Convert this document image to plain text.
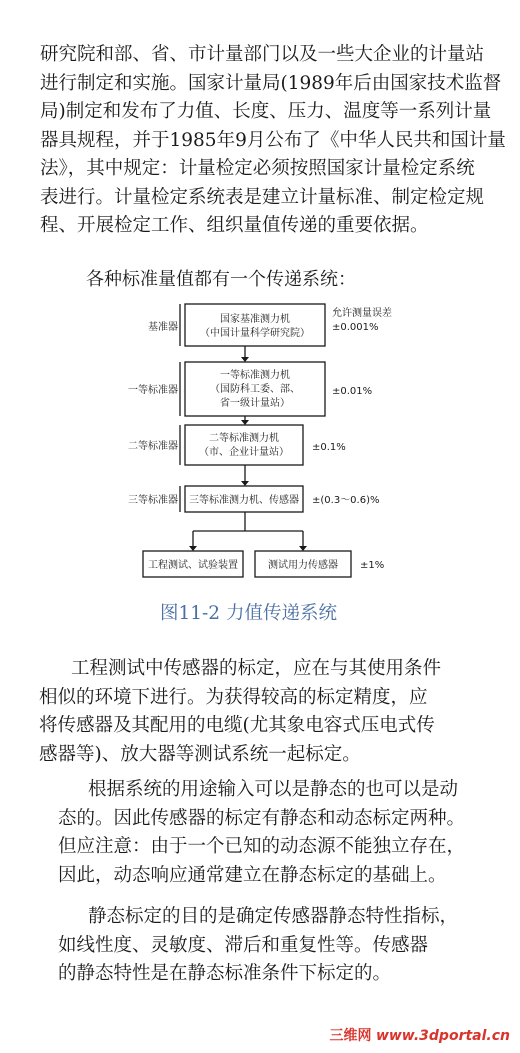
研究院和部、省、市计量部门以及一些大企业的计量站
进行制定和实施。国家计量局(1989年后由国家技术监督
局)制定和发布了力值、长度、压力、温度等一系列计量
器具规程，并于1985年9月公布了《中华人民共和国计量
法》，其中规定：计量检定必须按照国家计量检定系统
表进行。计量检定系统表是建立计量标准、制定检定规
程、开展检定工作、组织量值传递的重要依据。

各种标准量值都有一个传递系统：

基准器
一等标准器
二等标准器
三等标准器
国家基准测力机
（中国计量科学研究院）
一等标准测力机
（国防科工委、部、
省一级计量站）
二等标准测力机
（市、企业计量站）
三等标准测力机、传感器
工程测试、试验装置	测试用力传感器
允许测量误差
±0.001%
±0.01%
±0.1%
±(0.3～0.6)%
±1%

图11-2 力值传递系统

工程测试中传感器的标定，应在与其使用条件
相似的环境下进行。为获得较高的标定精度，应
将传感器及其配用的电缆(尤其象电容式压电式传
感器等)、放大器等测试系统一起标定。
根据系统的用途输入可以是静态的也可以是动
态的。因此传感器的标定有静态和动态标定两种。
但应注意：由于一个已知的动态源不能独立存在，
因此，动态响应通常建立在静态标定的基础上。
静态标定的目的是确定传感器静态特性指标，
如线性度、灵敏度、滞后和重复性等。传感器
的静态特性是在静态标准条件下标定的。
三维网 www.3dportal.cn
